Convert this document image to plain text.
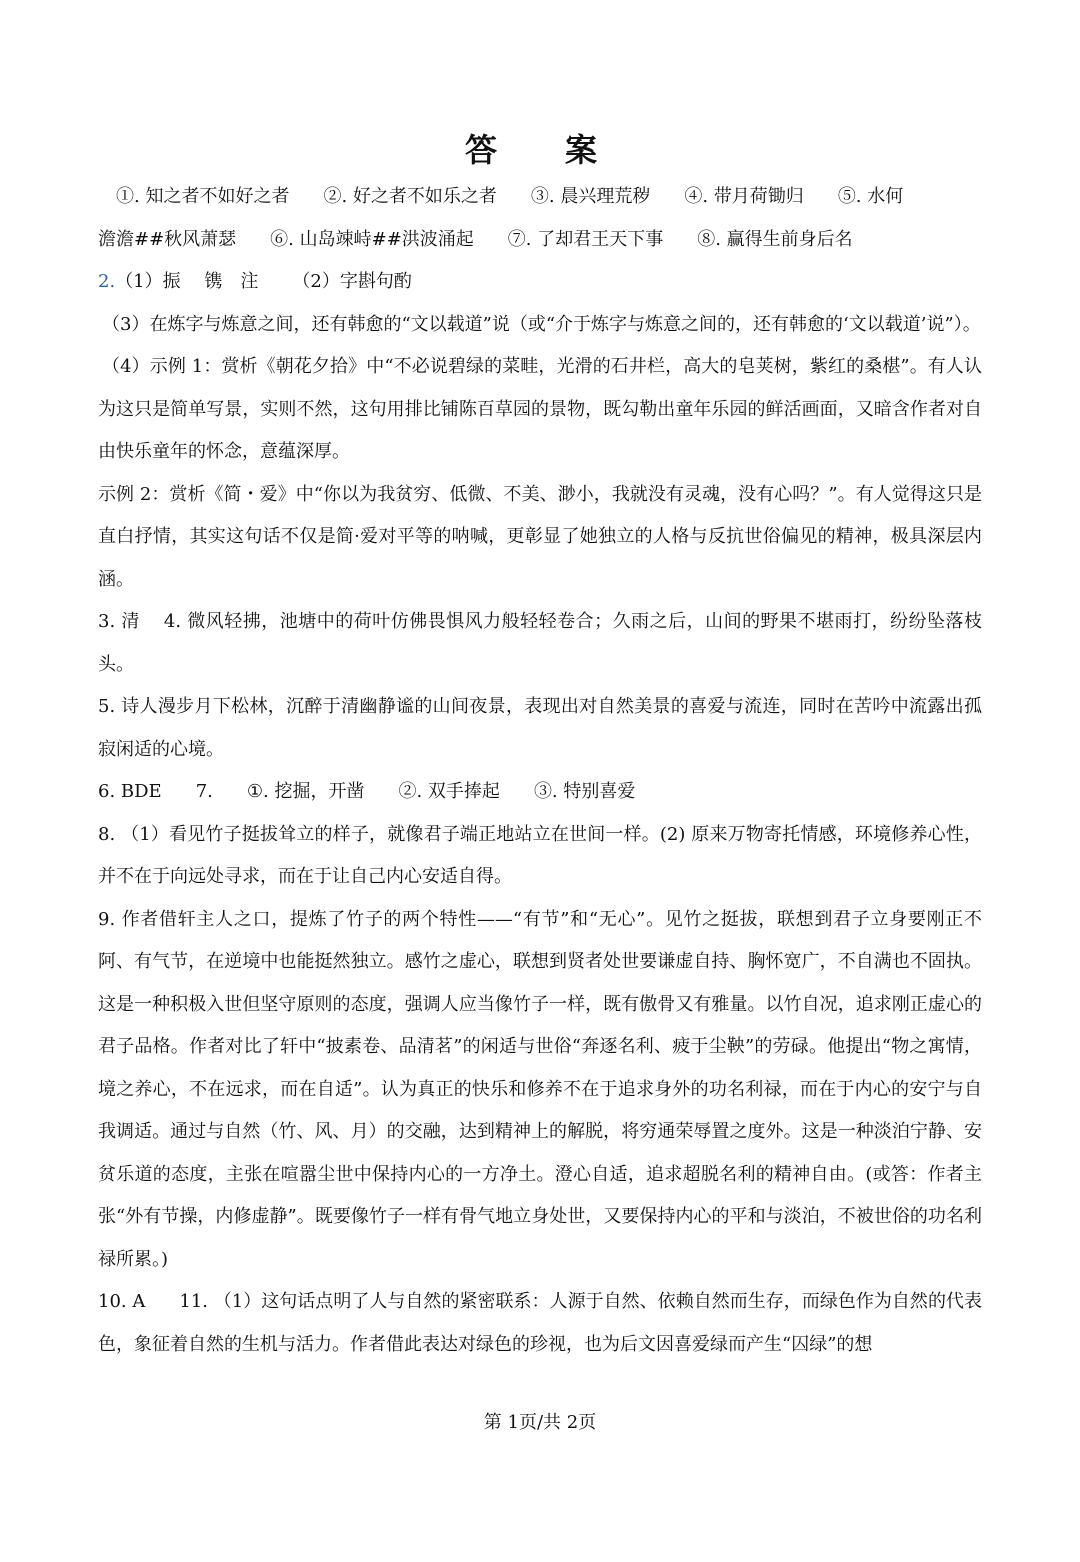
答　案

①. 知之者不如好之者 ②. 好之者不如乐之者 ③. 晨兴理荒秽 ④. 带月荷锄归 ⑤. 水何

澹澹##秋风萧瑟 ⑥. 山岛竦峙##洪波涌起 ⑦. 了却君王天下事 ⑧. 赢得生前身后名

2.（1）振　 镌　注 （2）字斟句酌

（3）在炼字与炼意之间，还有韩愈的“文以载道”说（或“介于炼字与炼意之间的，还有韩愈的‘文以载道’说”）。

（4）示例 1：赏析《朝花夕拾》中“不必说碧绿的菜畦，光滑的石井栏，高大的皂荚树，紫红的桑椹”。有人认为这只是简单写景，实则不然，这句用排比铺陈百草园的景物，既勾勒出童年乐园的鲜活画面，又暗含作者对自由快乐童年的怀念，意蕴深厚。

示例 2：赏析《简・爱》中“你以为我贫穷、低微、不美、渺小，我就没有灵魂，没有心吗？”。有人觉得这只是直白抒情，其实这句话不仅是简·爱对平等的呐喊，更彰显了她独立的人格与反抗世俗偏见的精神，极具深层内涵。

3. 清 4. 微风轻拂，池塘中的荷叶仿佛畏惧风力般轻轻卷合；久雨之后，山间的野果不堪雨打，纷纷坠落枝头。

5. 诗人漫步月下松林，沉醉于清幽静谧的山间夜景，表现出对自然美景的喜爱与流连，同时在苦吟中流露出孤寂闲适的心境。

6. BDE 7. ①. 挖掘，开凿 ②. 双手捧起 ③. 特别喜爱

8. （1）看见竹子挺拔耸立的样子，就像君子端正地站立在世间一样。(2) 原来万物寄托情感，环境修养心性，并不在于向远处寻求，而在于让自己内心安适自得。

9. 作者借轩主人之口，提炼了竹子的两个特性——“有节”和“无心”。见竹之挺拔，联想到君子立身要刚正不阿、有气节，在逆境中也能挺然独立。感竹之虚心，联想到贤者处世要谦虚自持、胸怀宽广，不自满也不固执。这是一种积极入世但坚守原则的态度，强调人应当像竹子一样，既有傲骨又有雅量。以竹自况，追求刚正虚心的君子品格。作者对比了轩中“披素卷、品清茗”的闲适与世俗“奔逐名利、疲于尘鞅”的劳碌。他提出“物之寓情，境之养心，不在远求，而在自适”。认为真正的快乐和修养不在于追求身外的功名利禄，而在于内心的安宁与自我调适。通过与自然（竹、风、月）的交融，达到精神上的解脱，将穷通荣辱置之度外。这是一种淡泊宁静、安贫乐道的态度，主张在喧嚣尘世中保持内心的一方净土。澄心自适，追求超脱名利的精神自由。(或答：作者主张“外有节操，内修虚静”。既要像竹子一样有骨气地立身处世，又要保持内心的平和与淡泊，不被世俗的功名利禄所累。)

10. A 11. （1）这句话点明了人与自然的紧密联系：人源于自然、依赖自然而生存，而绿色作为自然的代表色，象征着自然的生机与活力。作者借此表达对绿色的珍视，也为后文因喜爱绿而产生“囚绿”的想

第 1页/共 2页
